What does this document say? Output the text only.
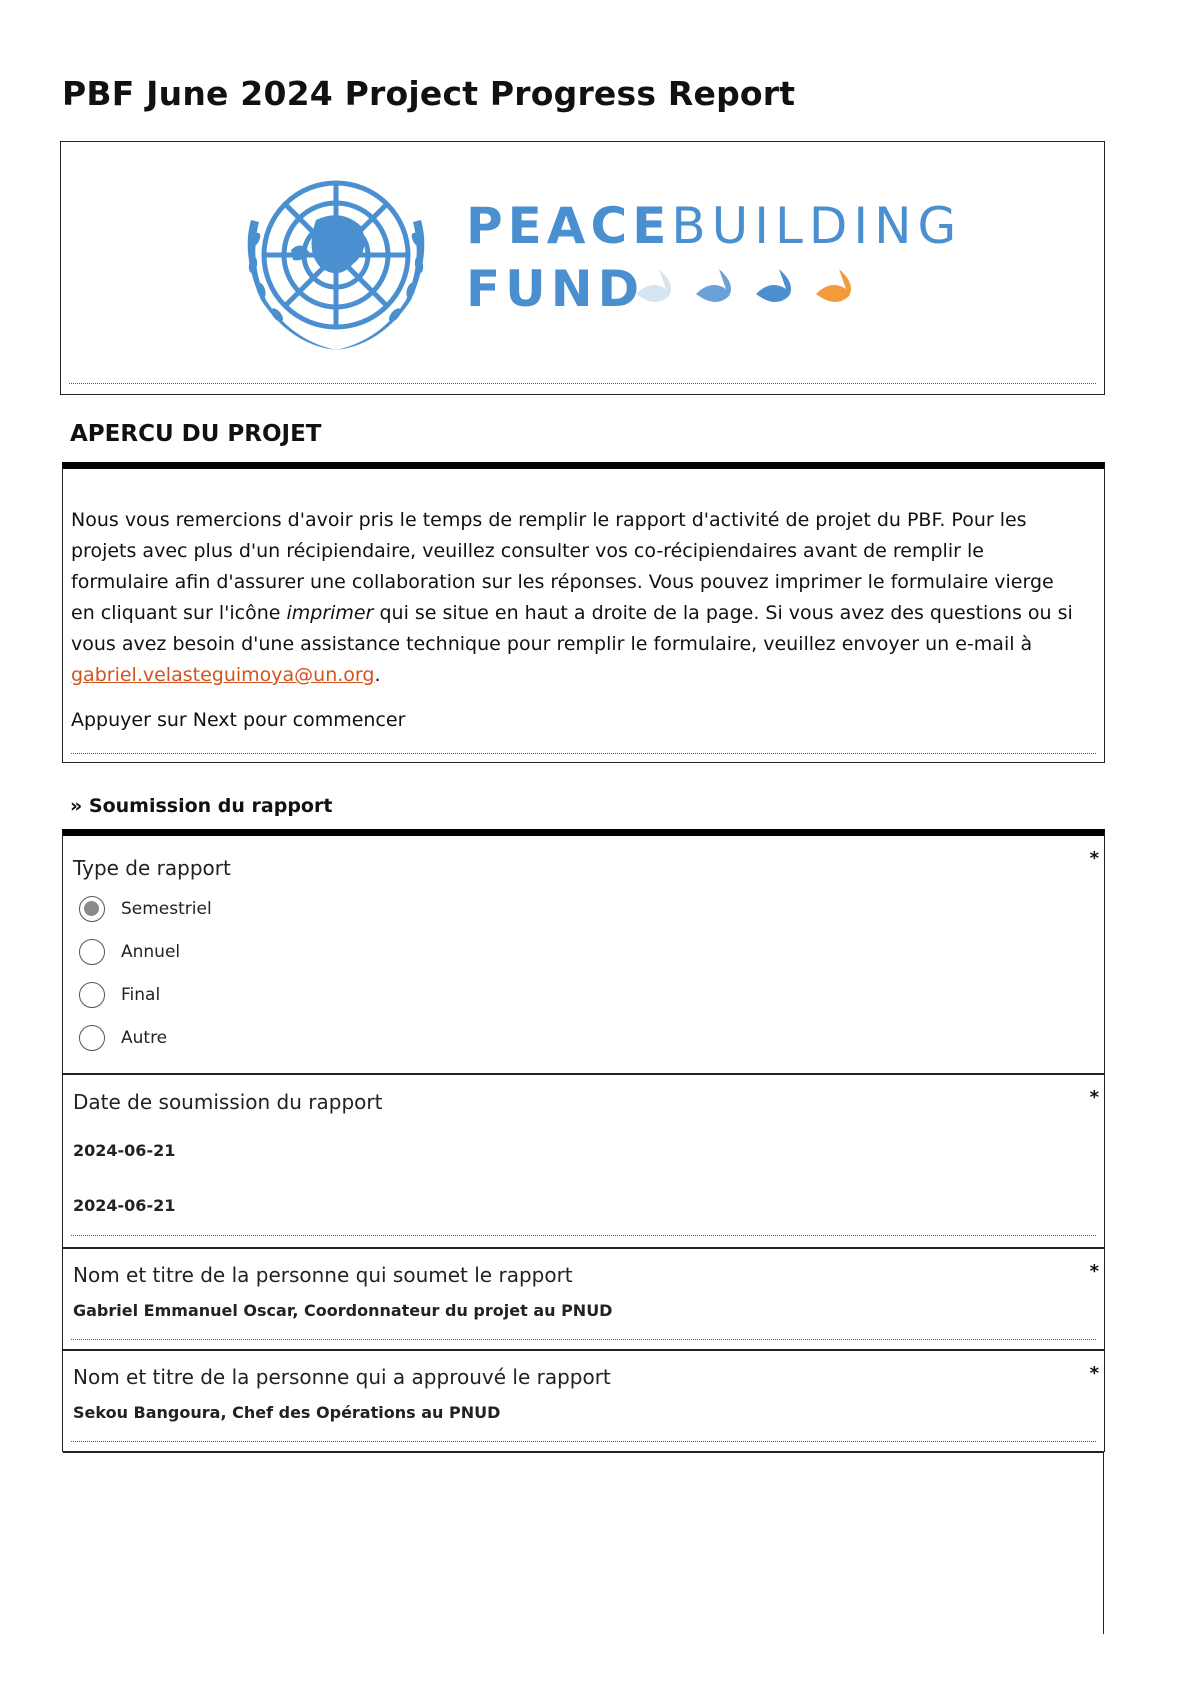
PBF June 2024 Project Progress Report
PEACEBUILDING
FUND
APERCU DU PROJET
Nous vous remercions d'avoir pris le temps de remplir le rapport d'activité de projet du PBF. Pour les projets avec plus d'un récipiendaire, veuillez consulter vos co-récipiendaires avant de remplir le formulaire afin d'assurer une collaboration sur les réponses. Vous pouvez imprimer le formulaire vierge en cliquant sur l'icône imprimer qui se situe en haut a droite de la page. Si vous avez des questions ou si vous avez besoin d'une assistance technique pour remplir le formulaire, veuillez envoyer un e-mail à gabriel.velasteguimoya@un.org.
Appuyer sur Next pour commencer
» Soumission du rapport
Type de rapport	*
Semestriel
Annuel
Final
Autre
Date de soumission du rapport	*
2024-06-21
2024-06-21
Nom et titre de la personne qui soumet le rapport	*
Gabriel Emmanuel Oscar, Coordonnateur du projet au PNUD
Nom et titre de la personne qui a approuvé le rapport	*
Sekou Bangoura, Chef des Opérations au PNUD
